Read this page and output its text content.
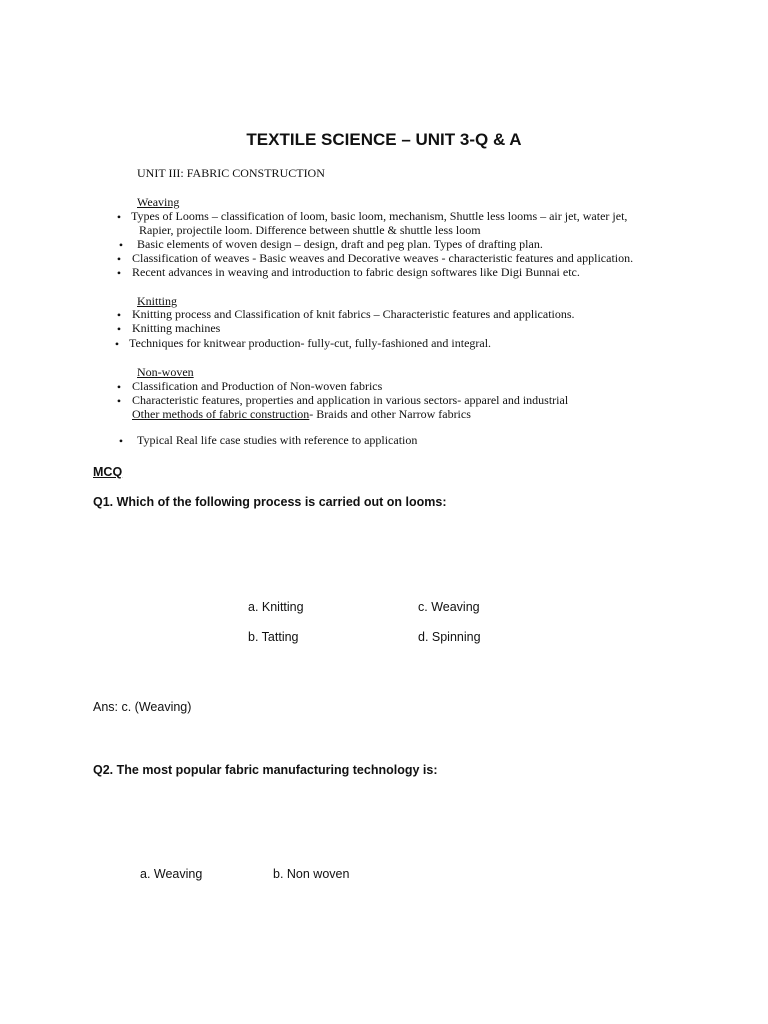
TEXTILE SCIENCE – UNIT 3-Q & A
UNIT III: FABRIC CONSTRUCTION
Weaving
• Types of Looms – classification of loom, basic loom, mechanism, Shuttle less looms – air jet, water jet,
Rapier, projectile loom. Difference between shuttle & shuttle less loom
•	Basic elements of woven design – design, draft and peg plan. Types of drafting plan.
• Classification of weaves - Basic weaves and Decorative weaves - characteristic features and application.
• Recent advances in weaving and introduction to fabric design softwares like Digi Bunnai etc.
Knitting
• Knitting process and Classification of knit fabrics – Characteristic features and applications.
• Knitting machines
• Techniques for knitwear production- fully-cut, fully-fashioned and integral.
Non-woven
• Classification and Production of Non-woven fabrics
• Characteristic features, properties and application in various sectors- apparel and industrial
Other methods of fabric construction- Braids and other Narrow fabrics
•	Typical Real life case studies with reference to application
MCQ
Q1. Which of the following process is carried out on looms:
a. Knitting	c. Weaving
b. Tatting	d. Spinning
Ans: c. (Weaving)
Q2. The most popular fabric manufacturing technology is:
a. Weaving	b. Non woven
